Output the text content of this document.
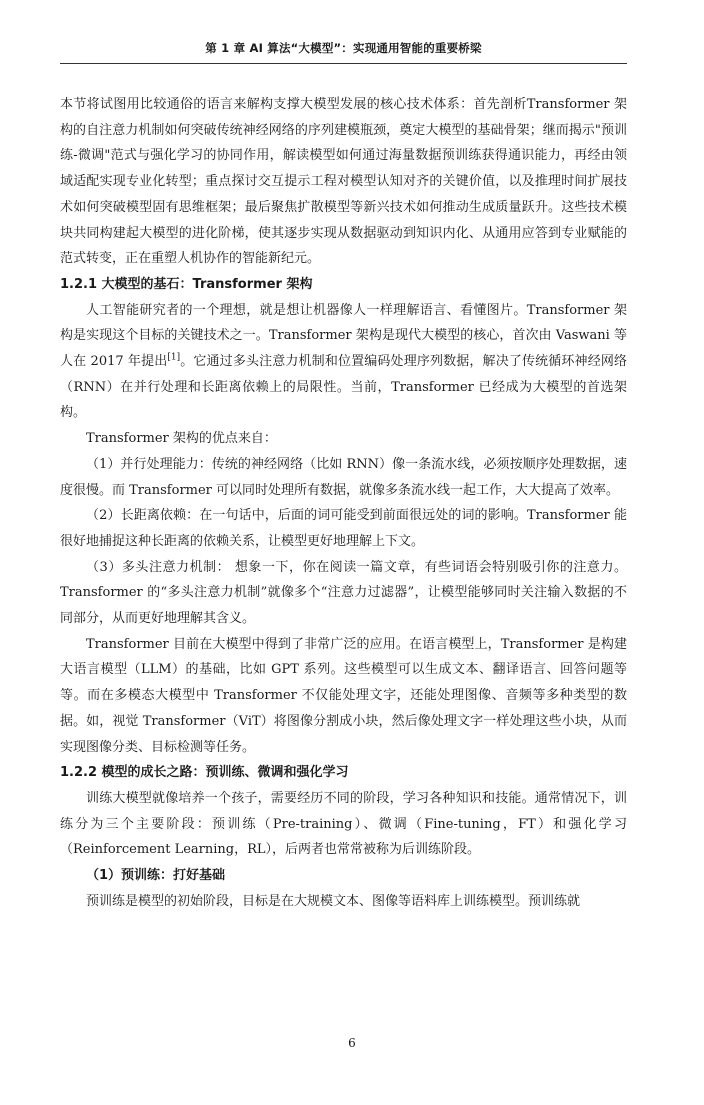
第 1 章 AI 算法“大模型”：实现通用智能的重要桥梁

本节将试图用比较通俗的语言来解构支撑大模型发展的核心技术体系：首先剖析Transformer 架构的自注意力机制如何突破传统神经网络的序列建模瓶颈，奠定大模型的基础骨架；继而揭示"预训练-微调"范式与强化学习的协同作用，解读模型如何通过海量数据预训练获得通识能力，再经由领域适配实现专业化转型；重点探讨交互提示工程对模型认知对齐的关键价值，以及推理时间扩展技术如何突破模型固有思维框架；最后聚焦扩散模型等新兴技术如何推动生成质量跃升。这些技术模块共同构建起大模型的进化阶梯，使其逐步实现从数据驱动到知识内化、从通用应答到专业赋能的范式转变，正在重塑人机协作的智能新纪元。

1.2.1 大模型的基石：Transformer 架构

人工智能研究者的一个理想，就是想让机器像人一样理解语言、看懂图片。Transformer 架构是实现这个目标的关键技术之一。Transformer 架构是现代大模型的核心，首次由 Vaswani 等人在 2017 年提出[1]。它通过多头注意力机制和位置编码处理序列数据，解决了传统循环神经网络（RNN）在并行处理和长距离依赖上的局限性。当前，Transformer 已经成为大模型的首选架构。

Transformer 架构的优点来自：

（1）并行处理能力：传统的神经网络（比如 RNN）像一条流水线，必须按顺序处理数据，速度很慢。而 Transformer 可以同时处理所有数据，就像多条流水线一起工作，大大提高了效率。

（2）长距离依赖：在一句话中，后面的词可能受到前面很远处的词的影响。Transformer 能很好地捕捉这种长距离的依赖关系，让模型更好地理解上下文。

（3）多头注意力机制： 想象一下，你在阅读一篇文章，有些词语会特别吸引你的注意力。Transformer 的“多头注意力机制”就像多个“注意力过滤器”，让模型能够同时关注输入数据的不同部分，从而更好地理解其含义。

Transformer 目前在大模型中得到了非常广泛的应用。在语言模型上，Transformer 是构建大语言模型（LLM）的基础，比如 GPT 系列。这些模型可以生成文本、翻译语言、回答问题等等。而在多模态大模型中 Transformer 不仅能处理文字，还能处理图像、音频等多种类型的数据。如，视觉 Transformer（ViT）将图像分割成小块，然后像处理文字一样处理这些小块，从而实现图像分类、目标检测等任务。

1.2.2 模型的成长之路：预训练、微调和强化学习

训练大模型就像培养一个孩子，需要经历不同的阶段，学习各种知识和技能。通常情况下，训练分为三个主要阶段：预训练（Pre-training）、微调（Fine-tuning，FT）和强化学习（Reinforcement Learning，RL），后两者也常常被称为后训练阶段。

（1）预训练：打好基础

预训练是模型的初始阶段，目标是在大规模文本、图像等语料库上训练模型。预训练就

6
